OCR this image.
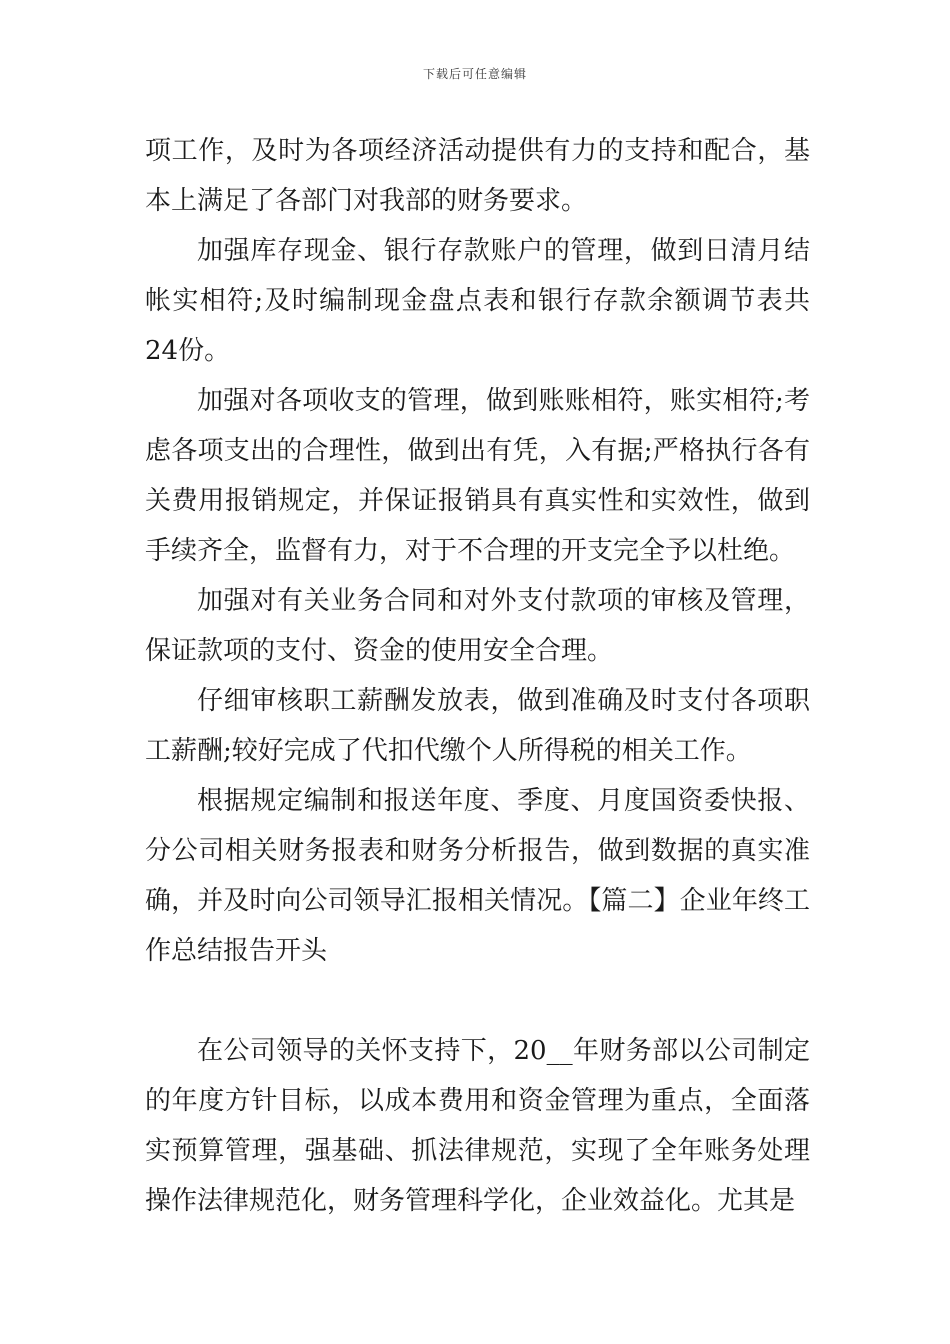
下载后可任意编辑

项工作，及时为各项经济活动提供有力的支持和配合，基本上满足了各部门对我部的财务要求。

加强库存现金、银行存款账户的管理，做到日清月结帐实相符;及时编制现金盘点表和银行存款余额调节表共24份。

加强对各项收支的管理，做到账账相符，账实相符;考虑各项支出的合理性，做到出有凭，入有据;严格执行各有关费用报销规定，并保证报销具有真实性和实效性，做到手续齐全，监督有力，对于不合理的开支完全予以杜绝。

加强对有关业务合同和对外支付款项的审核及管理，保证款项的支付、资金的使用安全合理。

仔细审核职工薪酬发放表，做到准确及时支付各项职工薪酬;较好完成了代扣代缴个人所得税的相关工作。

根据规定编制和报送年度、季度、月度国资委快报、分公司相关财务报表和财务分析报告，做到数据的真实准确，并及时向公司领导汇报相关情况。【篇二】企业年终工作总结报告开头

在公司领导的关怀支持下，20__年财务部以公司制定的年度方针目标，以成本费用和资金管理为重点，全面落实预算管理，强基础、抓法律规范，实现了全年账务处理操作法律规范化，财务管理科学化，企业效益化。尤其是
